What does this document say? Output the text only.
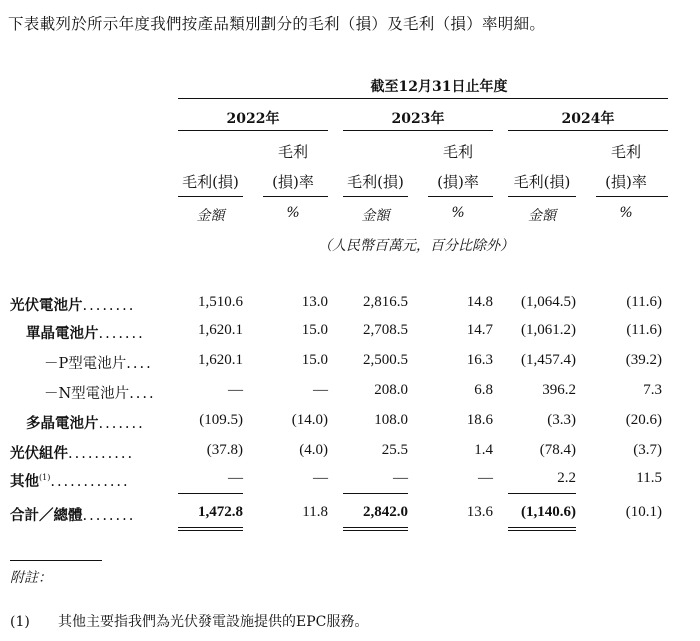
下表載列於所示年度我們按產品類別劃分的毛利（損）及毛利（損）率明細。
截至12月31日止年度
2022年	2023年	2024年
毛利	毛利	毛利
毛利(損)	(損)率	毛利(損)	(損)率	毛利(損)	(損)率
金額	%	金額	%	金額	%
（人民幣百萬元，百分比除外）
光伏電池片........	1,510.6	13.0	2,816.5	14.8	(1,064.5)	(11.6)
單晶電池片.......	1,620.1	15.0	2,708.5	14.7	(1,061.2)	(11.6)
－P型電池片....	1,620.1	15.0	2,500.5	16.3	(1,457.4)	(39.2)
－N型電池片....	—	—	208.0	6.8	396.2	7.3
多晶電池片.......	(109.5)	(14.0)	108.0	18.6	(3.3)	(20.6)
光伏組件..........	(37.8)	(4.0)	25.5	1.4	(78.4)	(3.7)
其他$^{(1)}$............	—	—	—	—	2.2	11.5
合計／總體........	1,472.8	11.8	2,842.0	13.6	(1,140.6)	(10.1)
附註：
(1) 其他主要指我們為光伏發電設施提供的EPC服務。
